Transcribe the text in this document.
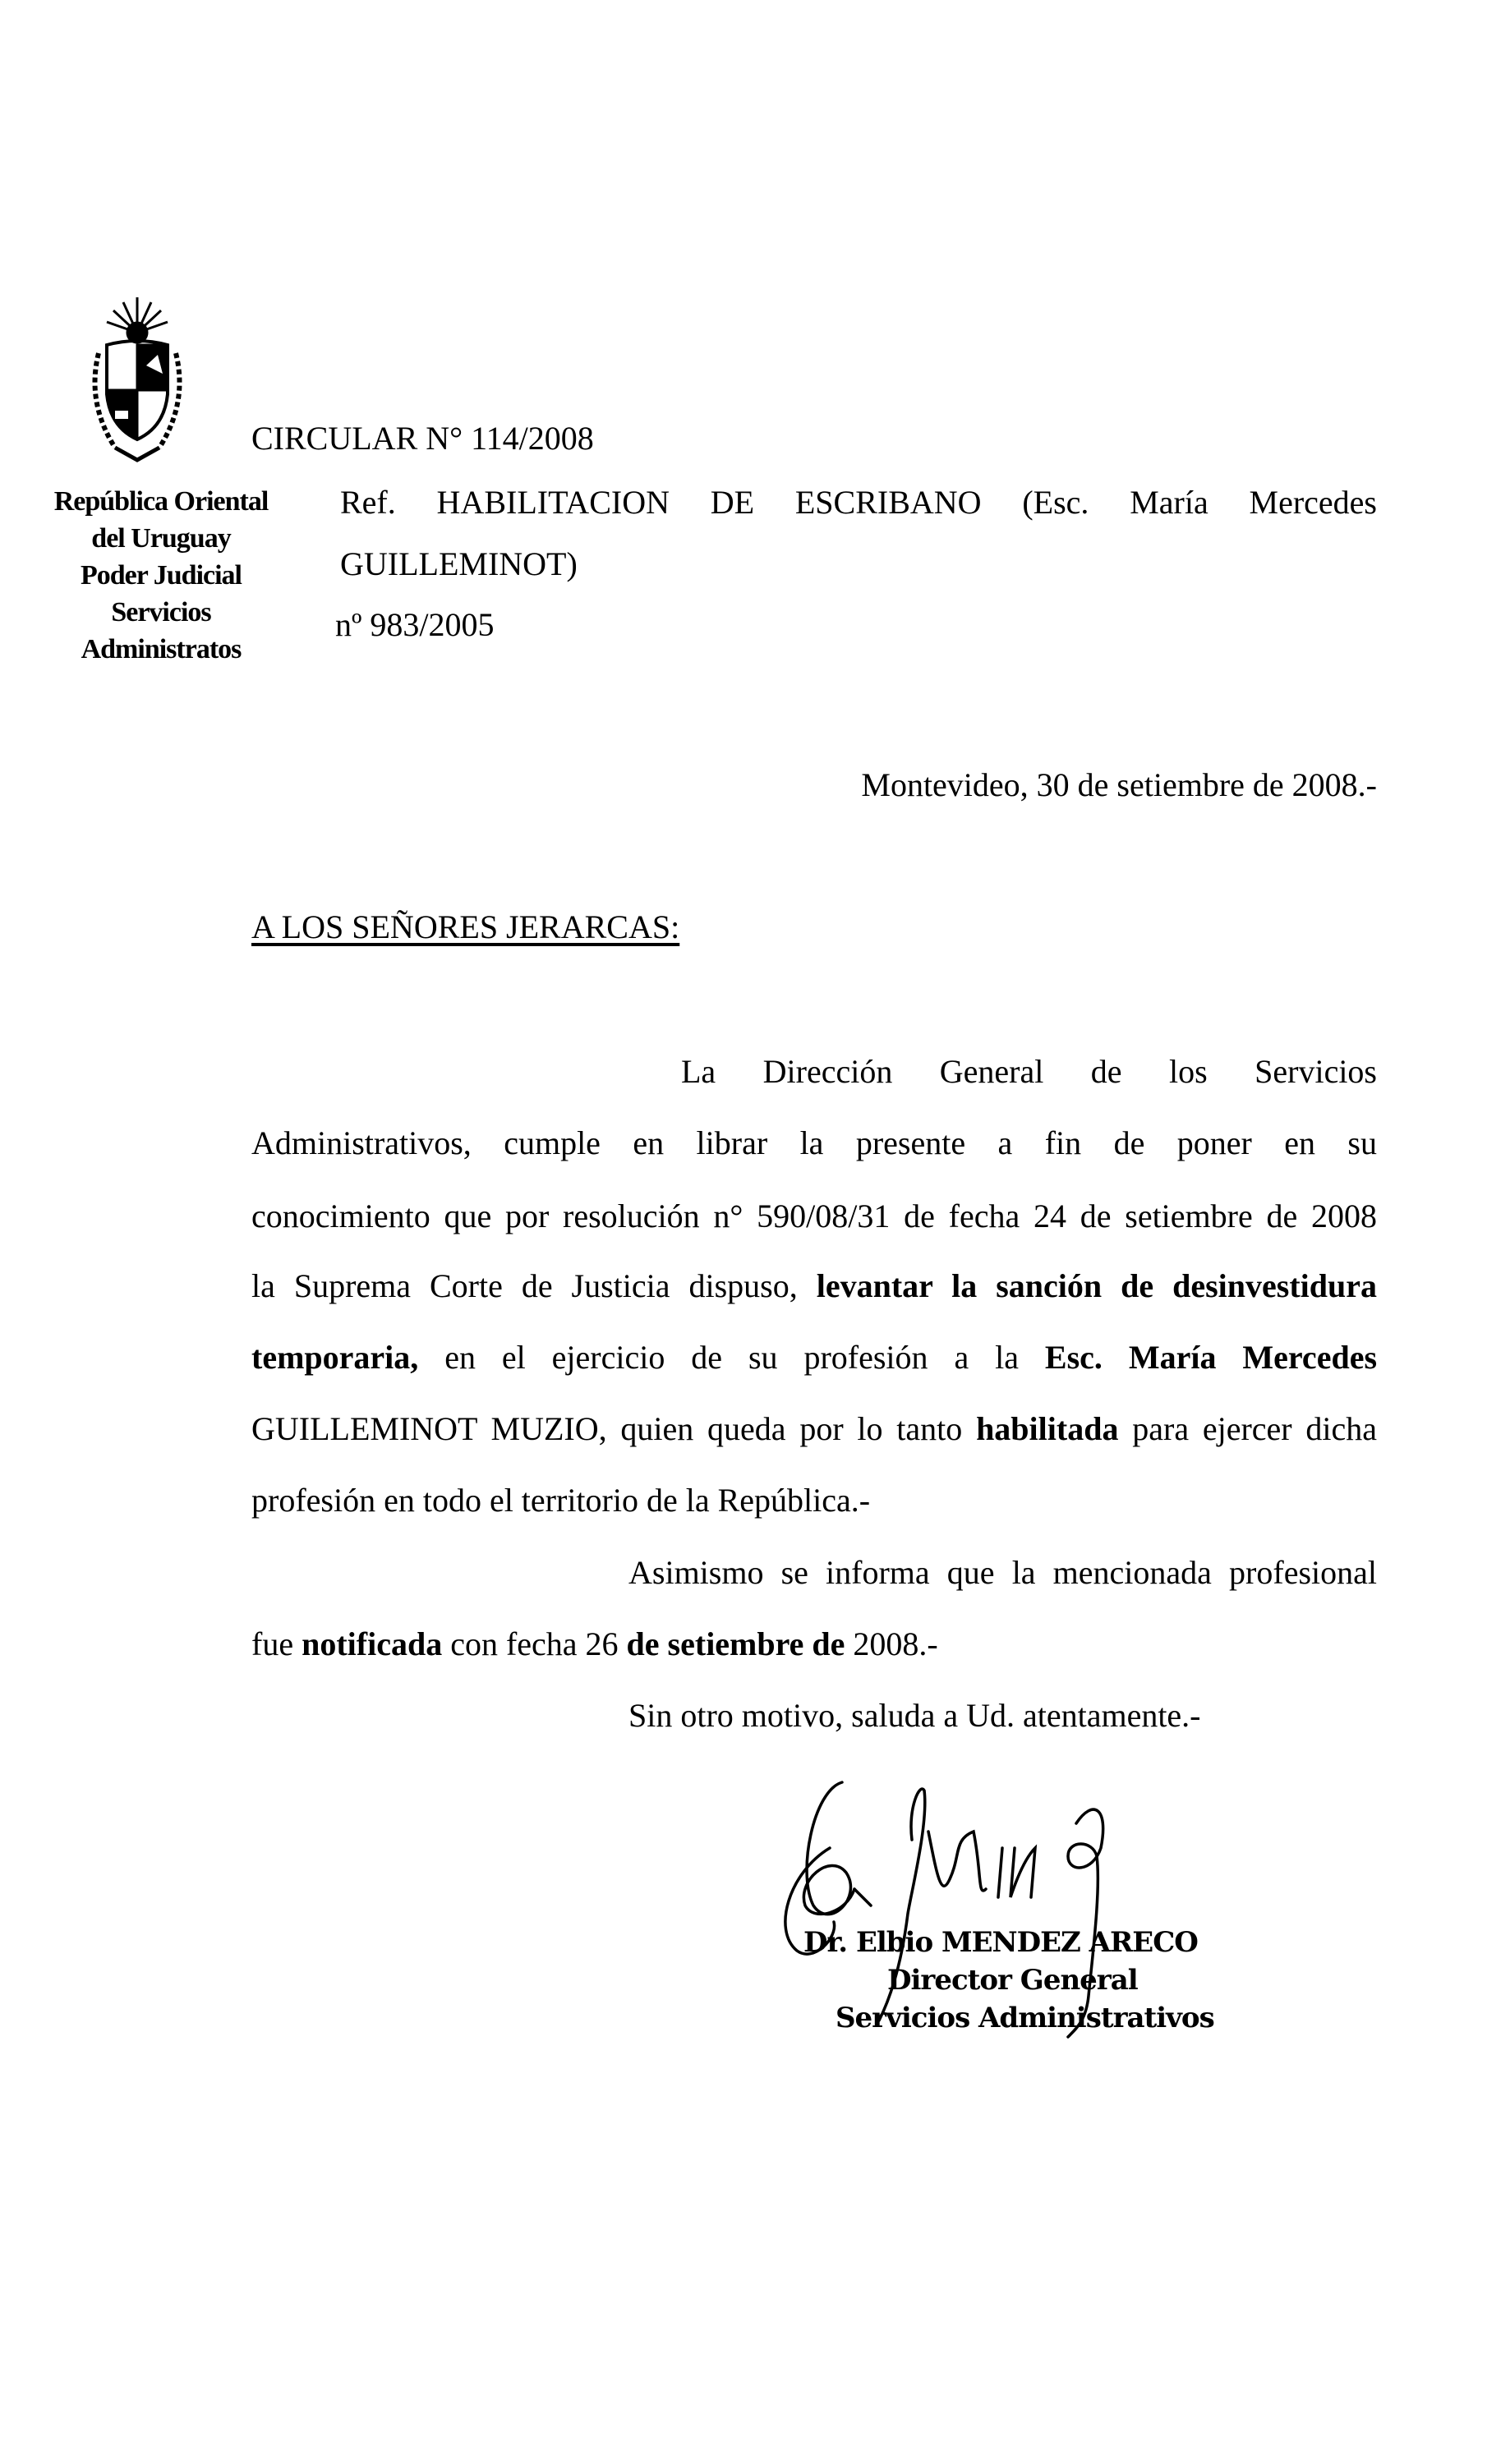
CIRCULAR N° 114/2008
República Oriental
del Uruguay
Poder Judicial
Servicios
Administratos
Ref. HABILITACION DE ESCRIBANO (Esc. María Mercedes
GUILLEMINOT)
nº 983/2005
Montevideo, 30 de setiembre de 2008.-
A LOS SEÑORES JERARCAS:
La Dirección General de los Servicios
Administrativos, cumple en librar la presente a fin de poner en su
conocimiento que por resolución n° 590/08/31 de fecha 24 de setiembre de 2008
la Suprema Corte de Justicia dispuso, levantar la sanción de desinvestidura
temporaria, en el ejercicio de su profesión a la Esc. María Mercedes
GUILLEMINOT MUZIO, quien queda por lo tanto habilitada para ejercer dicha
profesión en todo el territorio de la República.-
Asimismo se informa que la mencionada profesional
fue notificada con fecha 26 de setiembre de 2008.-
Sin otro motivo, saluda a Ud. atentamente.-
Dr. Elbio MENDEZ ARECO
Director General
Servicios Administrativos
